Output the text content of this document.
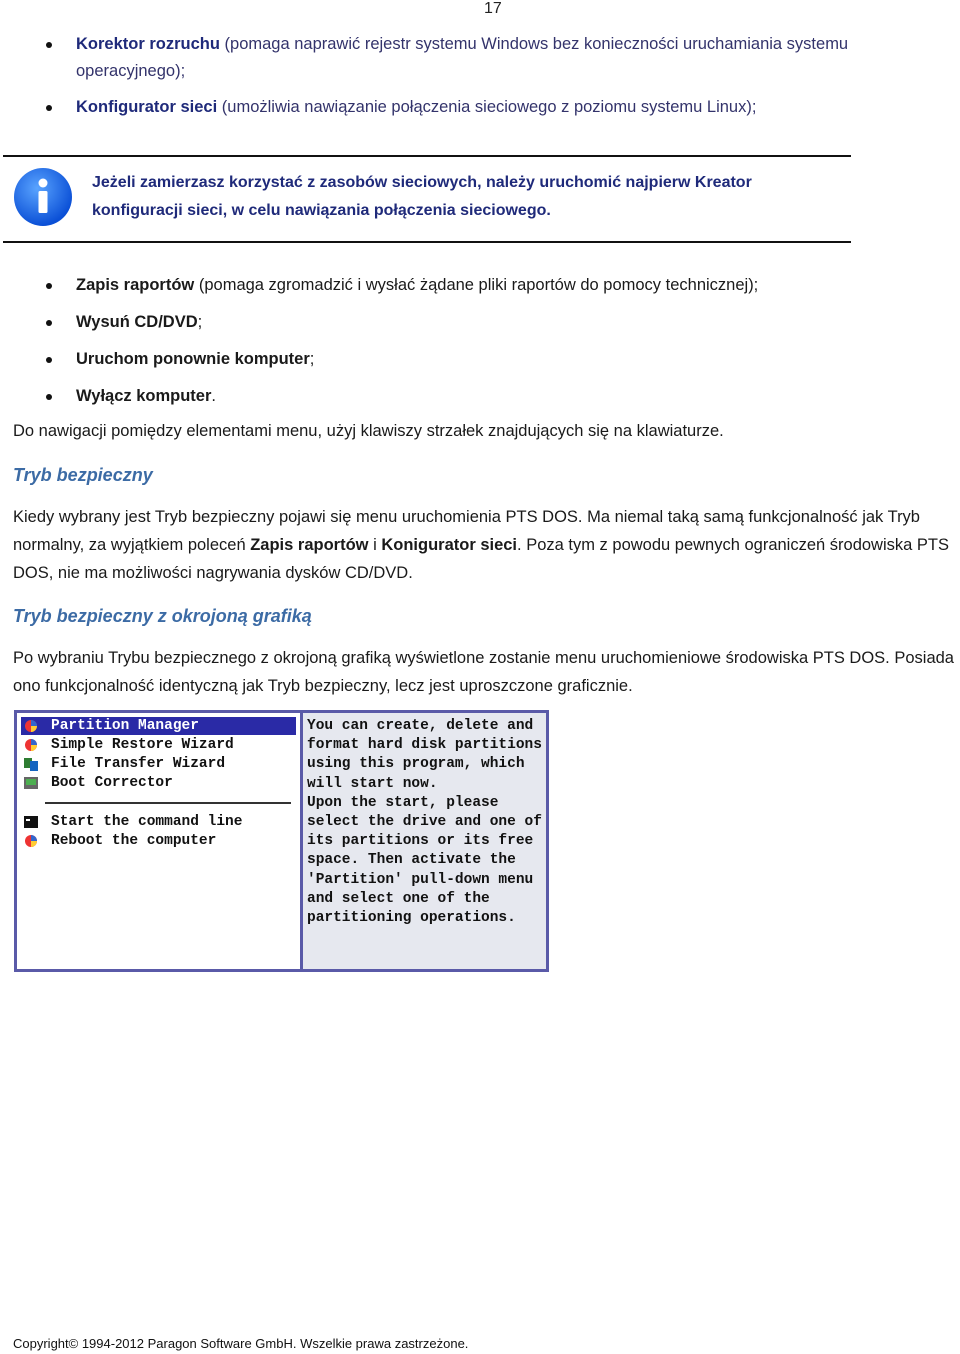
17
Korektor rozruchu (pomaga naprawić rejestr systemu Windows bez konieczności uruchamiania systemu operacyjnego);
Konfigurator sieci (umożliwia nawiązanie połączenia sieciowego z poziomu systemu Linux);
Jeżeli zamierzasz korzystać z zasobów sieciowych, należy uruchomić najpierw Kreator konfiguracji sieci, w celu nawiązania połączenia sieciowego.
Zapis raportów (pomaga zgromadzić i wysłać żądane pliki raportów do pomocy technicznej);
Wysuń CD/DVD;
Uruchom ponownie komputer;
Wyłącz komputer.

Do nawigacji pomiędzy elementami menu, użyj klawiszy strzałek znajdujących się na klawiaturze.

Tryb bezpieczny

Kiedy wybrany jest Tryb bezpieczny pojawi się menu uruchomienia PTS DOS. Ma niemal taką samą funkcjonalność jak Tryb normalny, za wyjątkiem poleceń Zapis raportów i Konigurator sieci. Poza tym z powodu pewnych ograniczeń środowiska PTS DOS, nie ma możliwości nagrywania dysków CD/DVD.

Tryb bezpieczny z okrojoną grafiką

Po wybraniu Trybu bezpiecznego z okrojoną grafiką wyświetlone zostanie menu uruchomieniowe środowiska PTS DOS. Posiada ono funkcjonalność identyczną jak Tryb bezpieczny, lecz jest uproszczone graficznie.

Partition Manager
Simple Restore Wizard
File Transfer Wizard
Boot Corrector
Start the command line
Reboot the computer
You can create, delete and
format hard disk partitions
using this program, which
will start now.
Upon the start, please
select the drive and one of
its partitions or its free
space. Then activate the
'Partition' pull-down menu
and select one of the
partitioning operations.
Copyright© 1994-2012 Paragon Software GmbH. Wszelkie prawa zastrzeżone.
